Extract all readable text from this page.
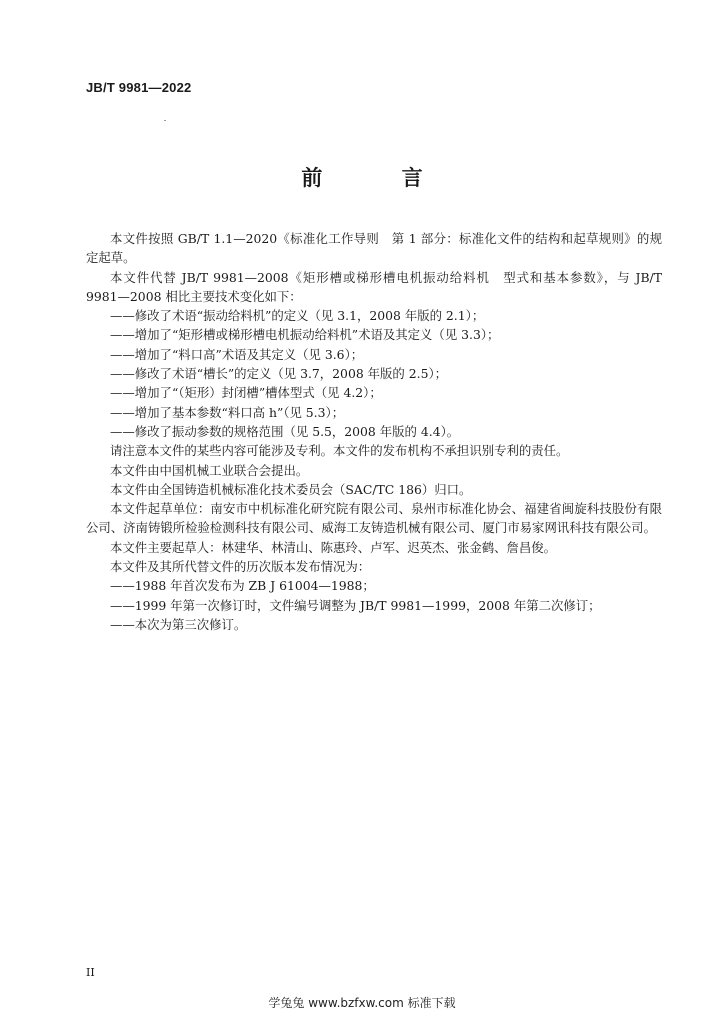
JB/T 9981—2022
前 言

本文件按照 GB/T 1.1—2020《标准化工作导则　第 1 部分：标准化文件的结构和起草规则》的规定起草。

本文件代替 JB/T 9981—2008《矩形槽或梯形槽电机振动给料机　型式和基本参数》，与 JB/T 9981—2008 相比主要技术变化如下：

——修改了术语“振动给料机”的定义（见 3.1，2008 年版的 2.1）；

——增加了“矩形槽或梯形槽电机振动给料机”术语及其定义（见 3.3）；

——增加了“料口高”术语及其定义（见 3.6）；

——修改了术语“槽长”的定义（见 3.7，2008 年版的 2.5）；

——增加了“（矩形）封闭槽”槽体型式（见 4.2）；

——增加了基本参数“料口高 h”（见 5.3）；

——修改了振动参数的规格范围（见 5.5，2008 年版的 4.4）。

请注意本文件的某些内容可能涉及专利。本文件的发布机构不承担识别专利的责任。

本文件由中国机械工业联合会提出。

本文件由全国铸造机械标准化技术委员会（SAC/TC 186）归口。

本文件起草单位：南安市中机标准化研究院有限公司、泉州市标准化协会、福建省闽旋科技股份有限公司、济南铸锻所检验检测科技有限公司、威海工友铸造机械有限公司、厦门市易家网讯科技有限公司。

本文件主要起草人：林建华、林清山、陈惠玲、卢军、迟英杰、张金鹤、詹昌俊。

本文件及其所代替文件的历次版本发布情况为：

——1988 年首次发布为 ZB J 61004—1988；

——1999 年第一次修订时，文件编号调整为 JB/T 9981—1999，2008 年第二次修订；

——本次为第三次修订。

II
学兔兔 www.bzfxw.com 标准下载
